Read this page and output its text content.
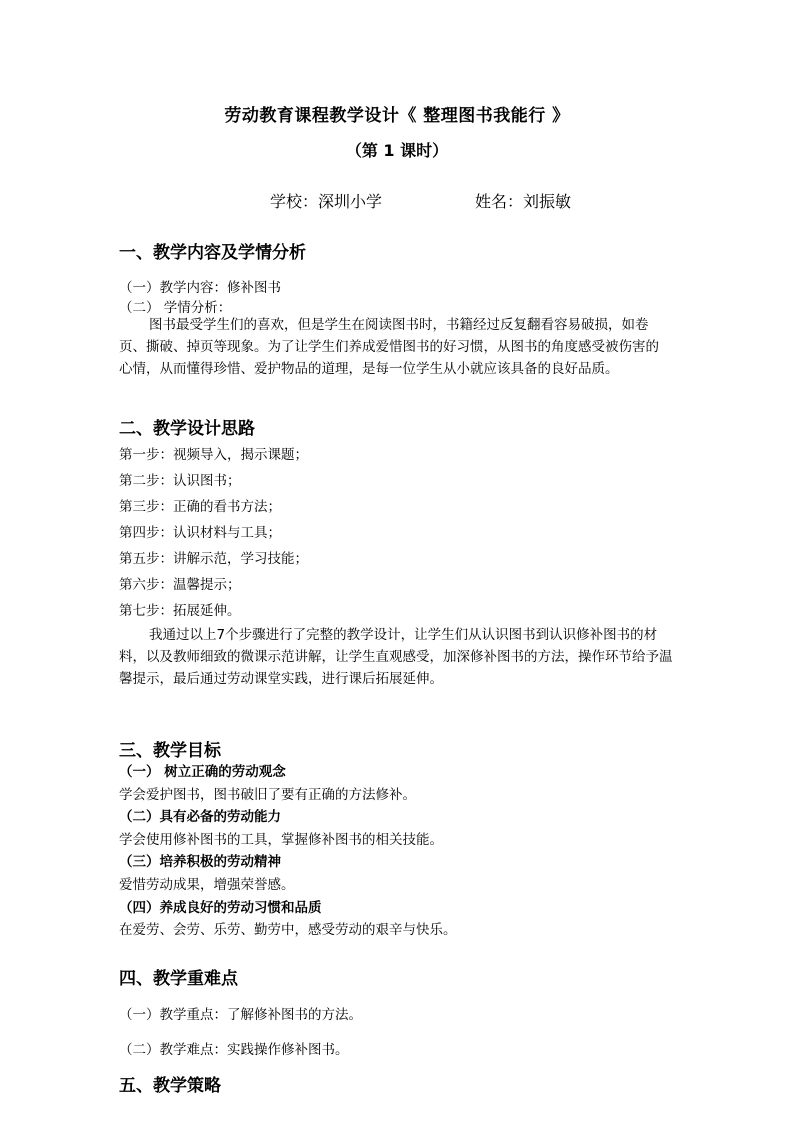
劳动教育课程教学设计《 整理图书我能行 》
（第 1 课时）
学校：深圳小学	姓名：刘振敏
一、教学内容及学情分析
（一）教学内容：修补图书
（二） 学情分析：
图书最受学生们的喜欢，但是学生在阅读图书时，书籍经过反复翻看容易破损，如卷页、撕破、掉页等现象。为了让学生们养成爱惜图书的好习惯，从图书的角度感受被伤害的心情，从而懂得珍惜、爱护物品的道理，是每一位学生从小就应该具备的良好品质。
二、教学设计思路
第一步：视频导入，揭示课题；
第二步：认识图书；
第三步：正确的看书方法；
第四步：认识材料与工具；
第五步：讲解示范，学习技能；
第六步：温馨提示；
第七步：拓展延伸。
我通过以上7个步骤进行了完整的教学设计，让学生们从认识图书到认识修补图书的材料，以及教师细致的微课示范讲解，让学生直观感受，加深修补图书的方法，操作环节给予温馨提示，最后通过劳动课堂实践，进行课后拓展延伸。
三、教学目标
（一） 树立正确的劳动观念
学会爱护图书，图书破旧了要有正确的方法修补。
（二）具有必备的劳动能力
学会使用修补图书的工具，掌握修补图书的相关技能。
（三）培养积极的劳动精神
爱惜劳动成果，增强荣誉感。
（四）养成良好的劳动习惯和品质
在爱劳、会劳、乐劳、勤劳中，感受劳动的艰辛与快乐。
四、教学重难点
（一）教学重点：了解修补图书的方法。
（二）教学难点：实践操作修补图书。
五、教学策略
